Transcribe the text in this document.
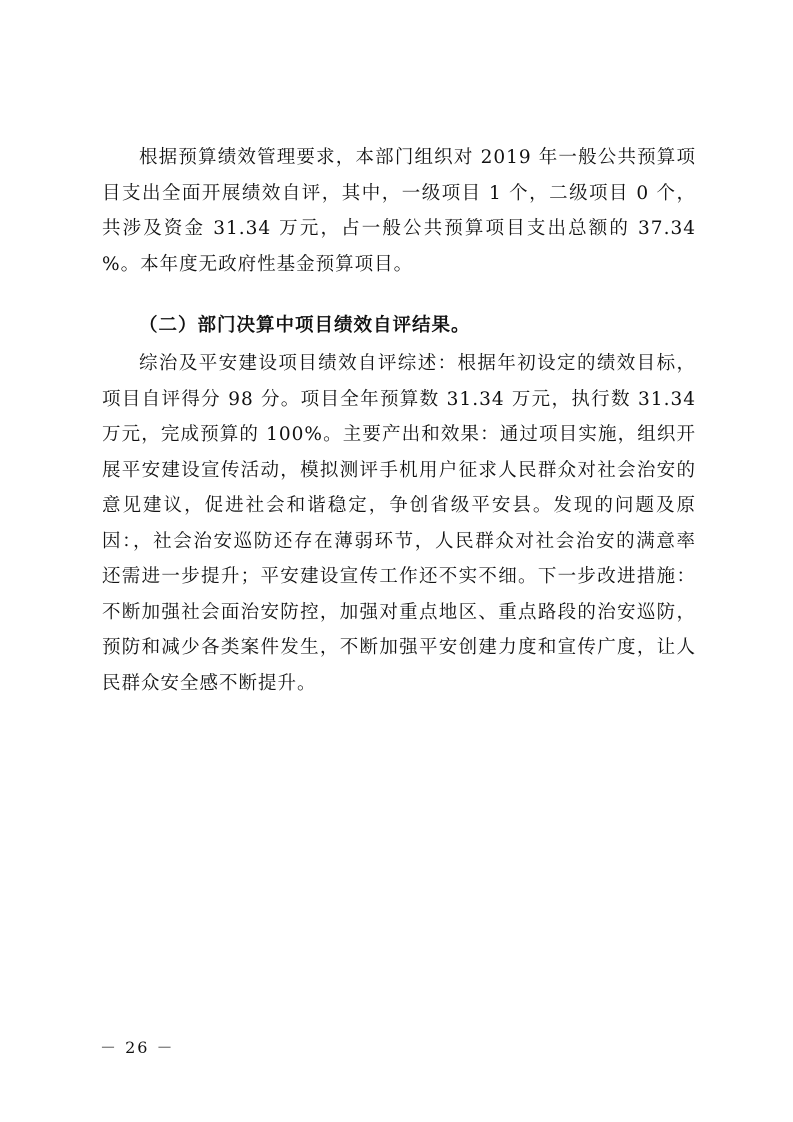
根据预算绩效管理要求，本部门组织对 2019 年一般公共预算项目支出全面开展绩效自评，其中，一级项目 1 个，二级项目 0 个，共涉及资金 31.34 万元，占一般公共预算项目支出总额的 37.34 %。本年度无政府性基金预算项目。

（二）部门决算中项目绩效自评结果。

综治及平安建设项目绩效自评综述：根据年初设定的绩效目标，项目自评得分 98 分。项目全年预算数 31.34 万元，执行数 31.34 万元，完成预算的 100%。主要产出和效果：通过项目实施，组织开展平安建设宣传活动，模拟测评手机用户征求人民群众对社会治安的意见建议，促进社会和谐稳定，争创省级平安县。发现的问题及原因：，社会治安巡防还存在薄弱环节，人民群众对社会治安的满意率还需进一步提升；平安建设宣传工作还不实不细。下一步改进措施：不断加强社会面治安防控，加强对重点地区、重点路段的治安巡防，预防和减少各类案件发生，不断加强平安创建力度和宣传广度，让人民群众安全感不断提升。

－ 26 －
